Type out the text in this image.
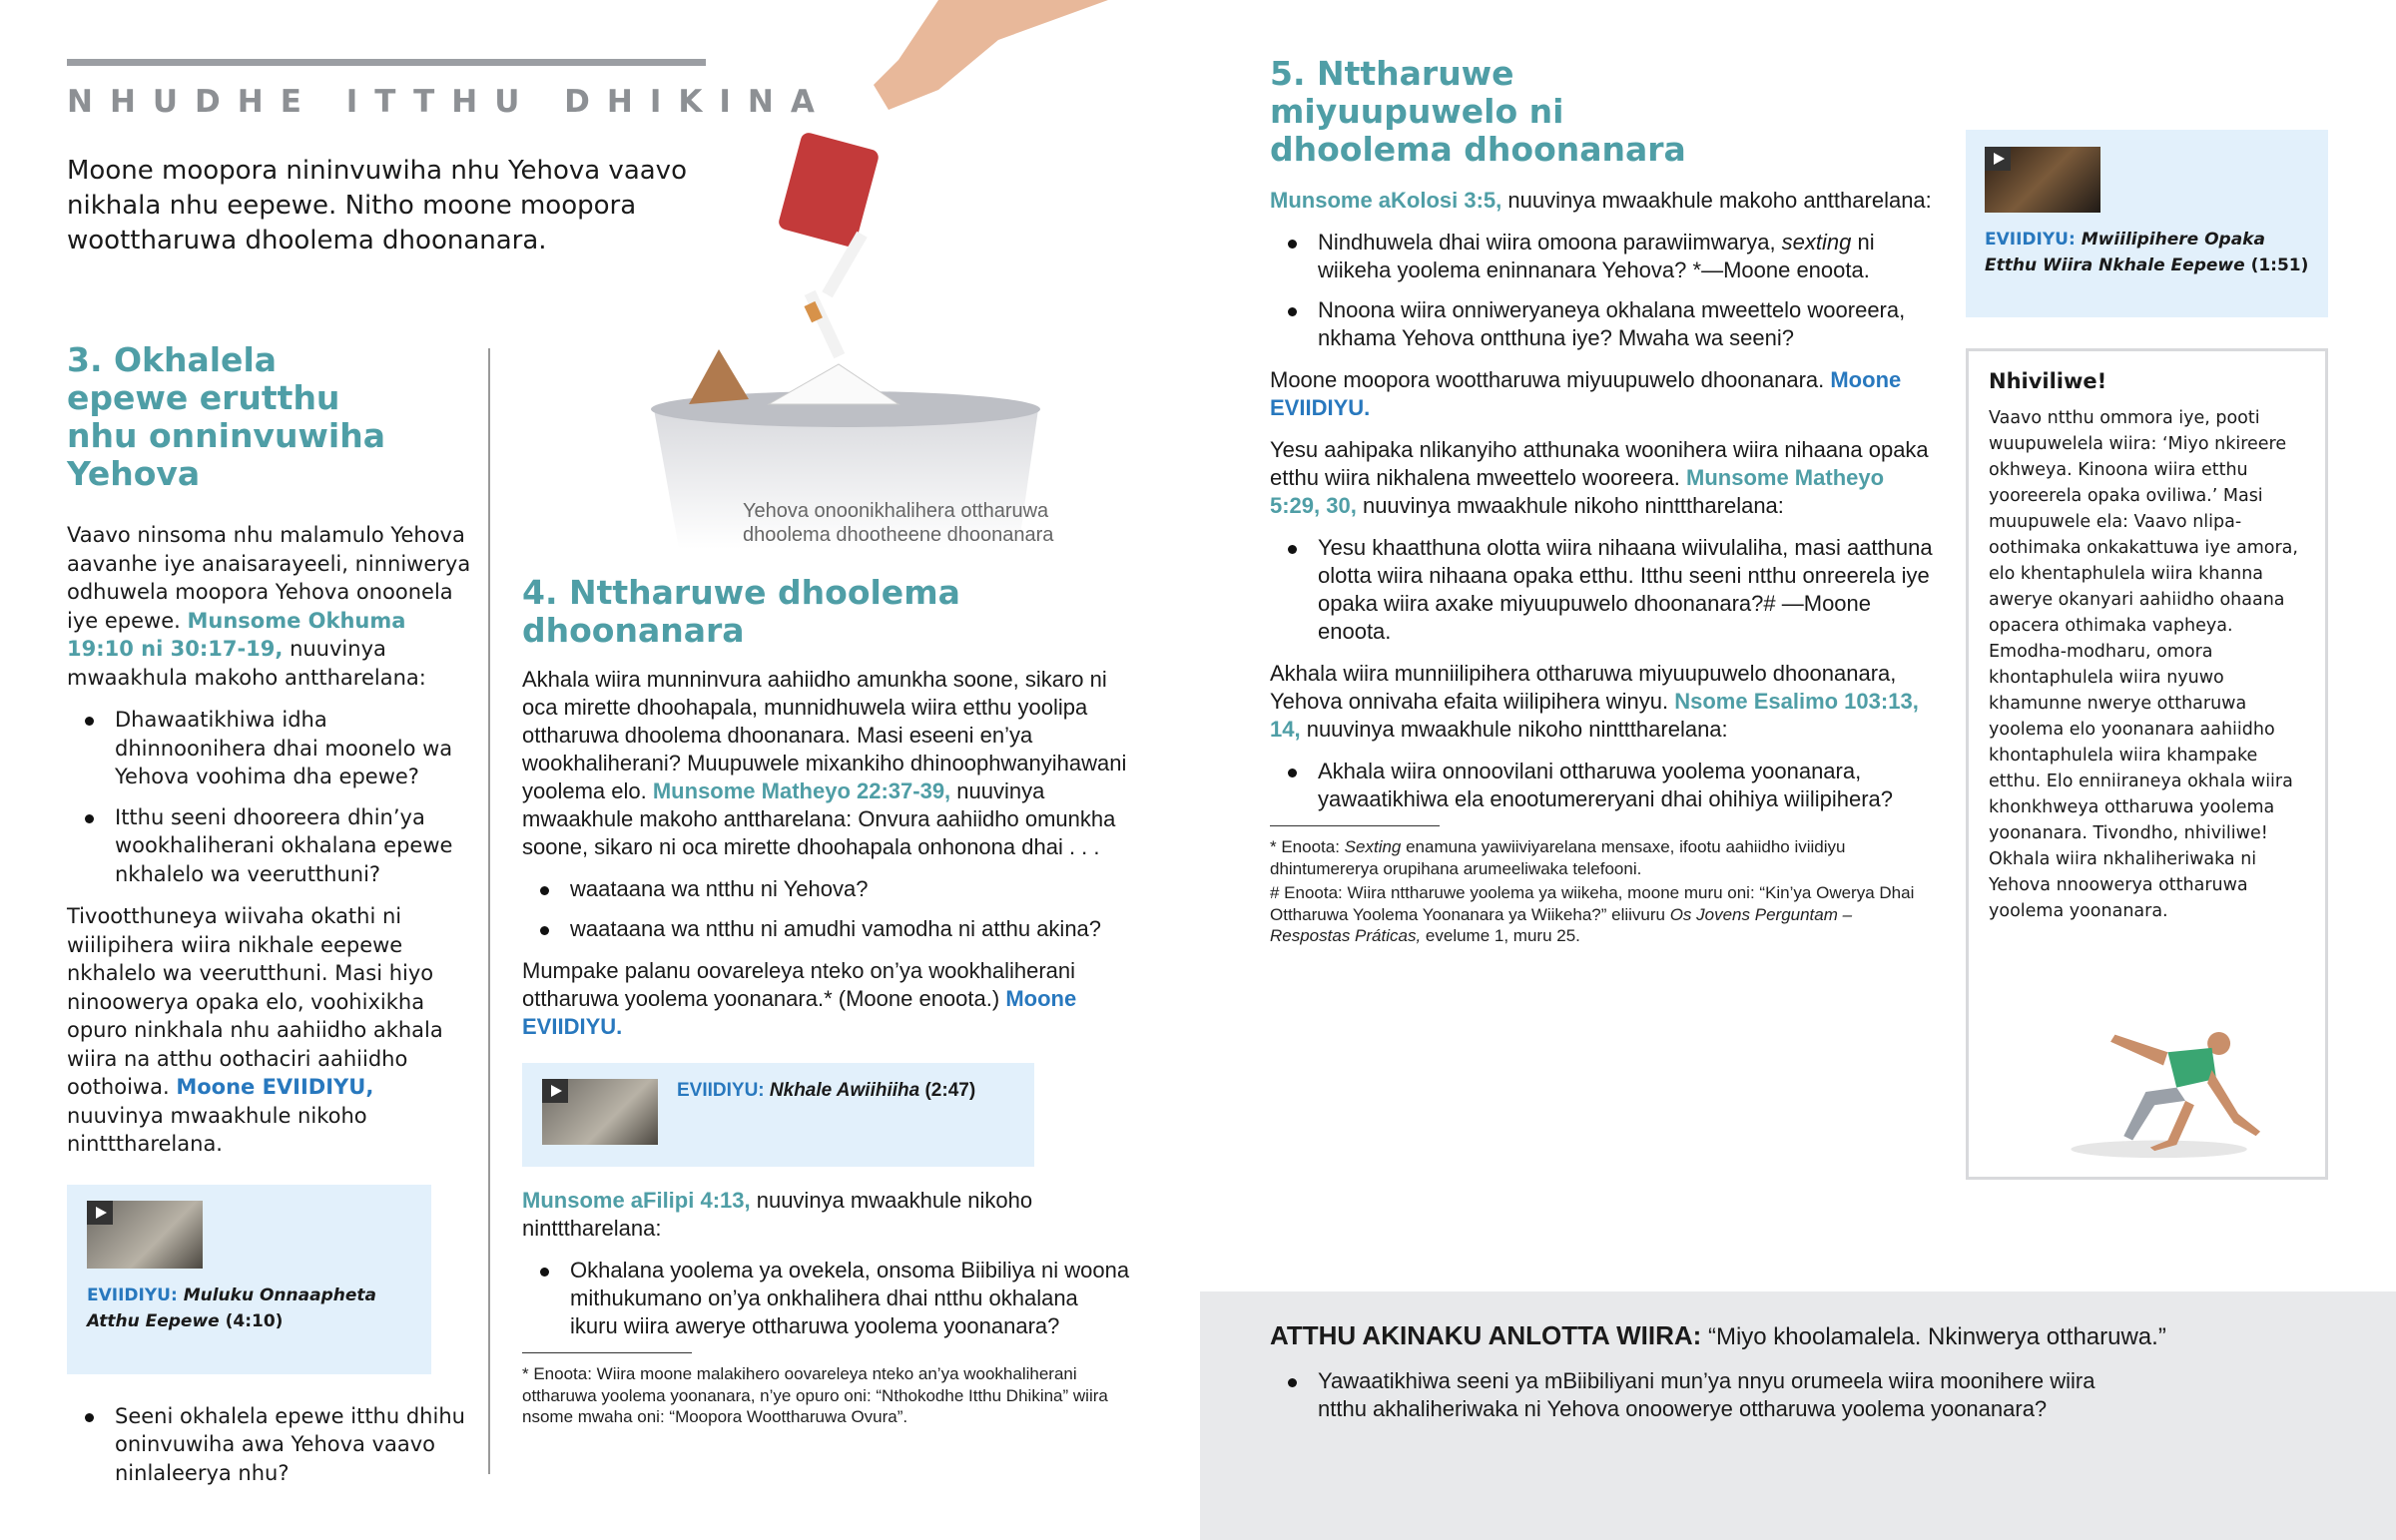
NHUDHE ITTHU DHIKINA
Moone moopora nininvuwiha nhu Yehova vaavo nikhala nhu eepewe. Nitho moone moopora woottharuwa dhoolema dhoonanara.
Yehova onoonikhalihera ottharuwa dhoolema dhootheene dhoonanara
3. Okhalela epewe erutthu nhu onninvuwiha Yehova

Vaavo ninsoma nhu malamulo Yehova aavanhe iye anaisarayeeli, ninniwerya odhuwela moopora Yehova onoonela iye epewe. Munsome Okhuma 19:10 ni 30:17-19, nuuvinya mwaakhula makoho anttharelana:

Dhawaatikhiwa idha dhinnoonihera dhai moonelo wa Yehova voohima dha epewe?
Itthu seeni dhooreera dhin’ya wookhaliherani okhalana epewe nkhalelo wa veerutthuni?

Tivootthuneya wiivaha okathi ni wiilipihera wiira nikhale eepewe nkhalelo wa veerutthuni. Masi hiyo ninoowerya opaka elo, voohixikha opuro ninkhala nhu aahiidho akhala wiira na atthu oothaciri aahiidho oothoiwa. Moone EVIIDIYU, nuuvinya mwaakhule nikoho nintttharelana.

EVIIDIYU: Muluku Onnaapheta Atthu Eepewe (4:10)
Seeni okhalela epewe itthu dhihu oninvuwiha awa Yehova vaavo ninlaleerya nhu?
4. Nttharuwe dhoolema dhoonanara

Akhala wiira munninvura aahiidho amunkha soone, sikaro ni oca mirette dhoohapala, munnidhuwela wiira etthu yoolipa ottharuwa dhoolema dhoonanara. Masi eseeni en’ya wookhaliherani? Muupuwele mixankiho dhinoophwanyihawani yoolema elo. Munsome Matheyo 22:37-39, nuuvinya mwaakhule makoho anttharelana: Onvura aahiidho omunkha soone, sikaro ni oca mirette dhoohapala onhonona dhai . . .

waataana wa ntthu ni Yehova?
waataana wa ntthu ni amudhi vamodha ni atthu akina?

Mumpake palanu oovareleya nteko on’ya wookhaliherani ottharuwa yoolema yoonanara.* (Moone enoota.) Moone EVIIDIYU.

EVIIDIYU: Nkhale Awiihiiha (2:47)

Munsome aFilipi 4:13, nuuvinya mwaakhule nikoho nintttharelana:

Okhalana yoolema ya ovekela, onsoma Biibiliya ni woona mithukumano on’ya onkhalihera dhai ntthu okhalana ikuru wiira awerye ottharuwa yoolema yoonanara?
* Enoota: Wiira moone malakihero oovareleya nteko an’ya wookhaliherani ottharuwa yoolema yoonanara, n’ye opuro oni: “Nthokodhe Itthu Dhikina” wiira nsome mwaha oni: “Moopora Woottharuwa Ovura”.
5. Nttharuwe miyuupuwelo ni dhoolema dhoonanara

Munsome aKolosi 3:5, nuuvinya mwaakhule makoho anttharelana:

Nindhuwela dhai wiira omoona parawiimwarya, sexting ni wiikeha yoolema eninnanara Yehova? *—Moone enoota.
Nnoona wiira onniweryaneya okhalana mweettelo wooreera, nkhama Yehova ontthuna iye? Mwaha wa seeni?

Moone moopora woottharuwa miyuupuwelo dhoonanara. Moone EVIIDIYU.

Yesu aahipaka nlikanyiho atthunaka woonihera wiira nihaana opaka etthu wiira nikhalena mweettelo wooreera. Munsome Matheyo 5:29, 30, nuuvinya mwaakhule nikoho nintttharelana:

Yesu khaatthuna olotta wiira nihaana wiivulaliha, masi aatthuna olotta wiira nihaana opaka etthu. Itthu seeni ntthu onreerela iye opaka wiira axake miyuupuwelo dhoonanara?# —Moone enoota.

Akhala wiira munniilipihera ottharuwa miyuupuwelo dhoonanara, Yehova onnivaha efaita wiilipihera winyu. Nsome Esalimo 103:13, 14, nuuvinya mwaakhule nikoho nintttharelana:

Akhala wiira onnoovilani ottharuwa yoolema yoonanara, yawaatikhiwa ela enootumereryani dhai ohihiya wiilipihera?
* Enoota: Sexting enamuna yawiiviyarelana mensaxe, ifootu aahiidho iviidiyu dhintumererya orupihana arumeeliwaka telefooni.
# Enoota: Wiira nttharuwe yoolema ya wiikeha, moone muru oni: “Kin’ya Owerya Dhai Ottharuwa Yoolema Yoonanara ya Wiikeha?” eliivuru Os Jovens Perguntam – Respostas Práticas, evelume 1, muru 25.
EVIIDIYU: Mwiilipihere Opaka Etthu Wiira Nkhale Eepewe (1:51)
Nhiviliwe!
Vaavo ntthu ommora iye, pooti wuupuwelela wiira: ‘Miyo nkireere okhweya. Kinoona wiira etthu yooreerela opaka oviliwa.’ Masi muupuwele ela: Vaavo nlipa-oothimaka onkakattuwa iye amora, elo khentaphulela wiira khanna awerye okanyari aahiidho ohaana opacera othimaka vapheya. Emodha-modharu, omora khontaphulela wiira nyuwo khamunne nwerye ottharuwa yoolema elo yoonanara aahiidho khontaphulela wiira khampake etthu. Elo enniiraneya okhala wiira khonkhweya ottharuwa yoolema yoonanara. Tivondho, nhiviliwe! Okhala wiira nkhaliheriwaka ni Yehova nnoowerya ottharuwa yoolema yoonanara.
ATTHU AKINAKU ANLOTTA WIIRA: “Miyo khoolamalela. Nkinwerya ottharuwa.”
Yawaatikhiwa seeni ya mBiibiliyani mun’ya nnyu orumeela wiira moonihere wiira ntthu akhaliheriwaka ni Yehova onooweryе ottharuwa yoolema yoonanara?
